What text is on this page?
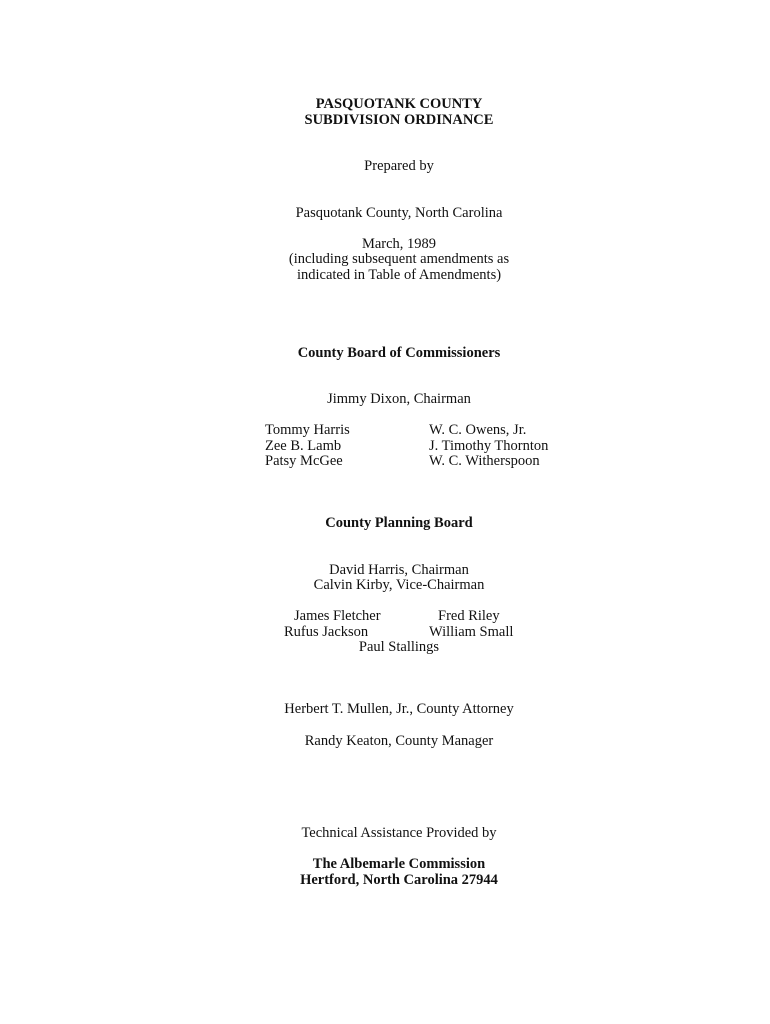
PASQUOTANK COUNTY
SUBDIVISION ORDINANCE
Prepared by
Pasquotank County, North Carolina
March, 1989
(including subsequent amendments as
indicated in Table of Amendments)
County Board of Commissioners
Jimmy Dixon, Chairman
Tommy Harris
Zee B. Lamb
Patsy McGee
W. C. Owens, Jr.
J. Timothy Thornton
W. C. Witherspoon
County Planning Board
David Harris, Chairman
Calvin Kirby, Vice-Chairman
James Fletcher	Fred Riley
Rufus Jackson	William Small
Paul Stallings
Herbert T. Mullen, Jr., County Attorney
Randy Keaton, County Manager
Technical Assistance Provided by
The Albemarle Commission
Hertford, North Carolina 27944
